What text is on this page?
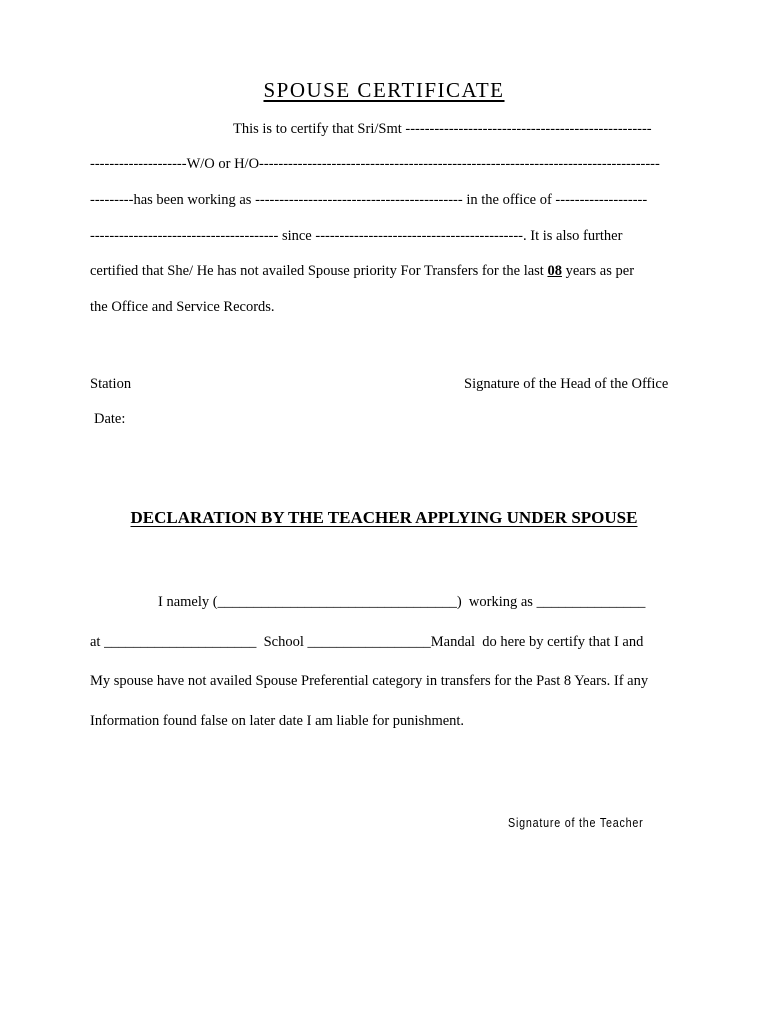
SPOUSE CERTIFICATE
This is to certify that Sri/Smt ---------------------------------------------------
--------------------W/O or H/O-----------------------------------------------------------------------------------
---------has been working as ------------------------------------------- in the office of -------------------
--------------------------------------- since -------------------------------------------. It is also further
certified that She/ He has not availed Spouse priority For Transfers for the last 08 years as per
the Office and Service Records.
Station	Signature of the Head of the Office
Date:
DECLARATION BY THE TEACHER APPLYING UNDER SPOUSE
I namely (_________________________________)  working as _______________
at _____________________  School _________________Mandal  do here by certify that I and
My spouse have not availed Spouse Preferential category in transfers for the Past 8 Years. If any
Information found false on later date I am liable for punishment.
Signature of the Teacher
